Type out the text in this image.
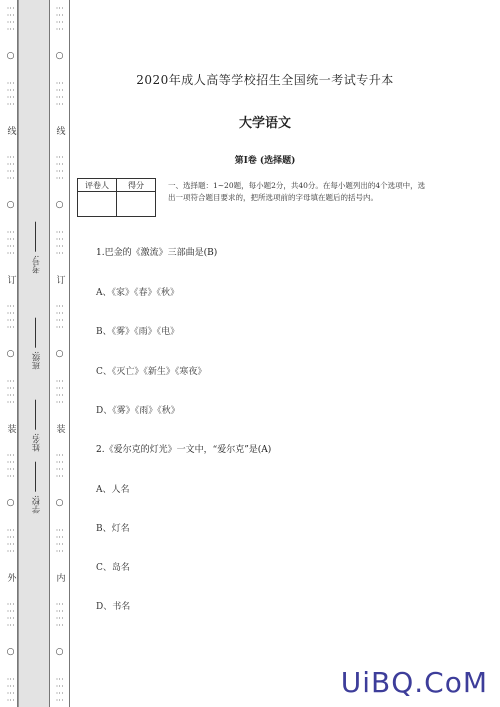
⋮⋮⋮⋮
○
⋮⋮⋮⋮
线
⋮⋮⋮⋮
○
⋮⋮⋮⋮
订
⋮⋮⋮⋮
○
⋮⋮⋮⋮
装
⋮⋮⋮⋮
○
⋮⋮⋮⋮
外
⋮⋮⋮⋮
○
⋮⋮⋮⋮
⋮⋮⋮⋮
○
⋮⋮⋮⋮
线
⋮⋮⋮⋮
○
⋮⋮⋮⋮
订
⋮⋮⋮⋮
○
⋮⋮⋮⋮
装
⋮⋮⋮⋮
○
⋮⋮⋮⋮
内
⋮⋮⋮⋮
○
⋮⋮⋮⋮
考号:
班级:
姓名:
学校:
2020年成人高等学校招生全国统一考试专升本
大学语文
第I卷 (选择题)
评卷人	得分
		一、选择题：1~20题，每小题2分，共40分。在每小题列出的4个选项中，选出一项符合题目要求的，把所选项前的字母填在题后的括号内。
1.巴金的《激流》三部曲是(B)
A、《家》《春》《秋》
B、《雾》《雨》《电》
C、《灭亡》《新生》《寒夜》
D、《雾》《雨》《秋》
2.《爱尔克的灯光》一文中，“爱尔克”是(A)
A、人名
B、灯名
C、岛名
D、书名
UiBQ.CoM
